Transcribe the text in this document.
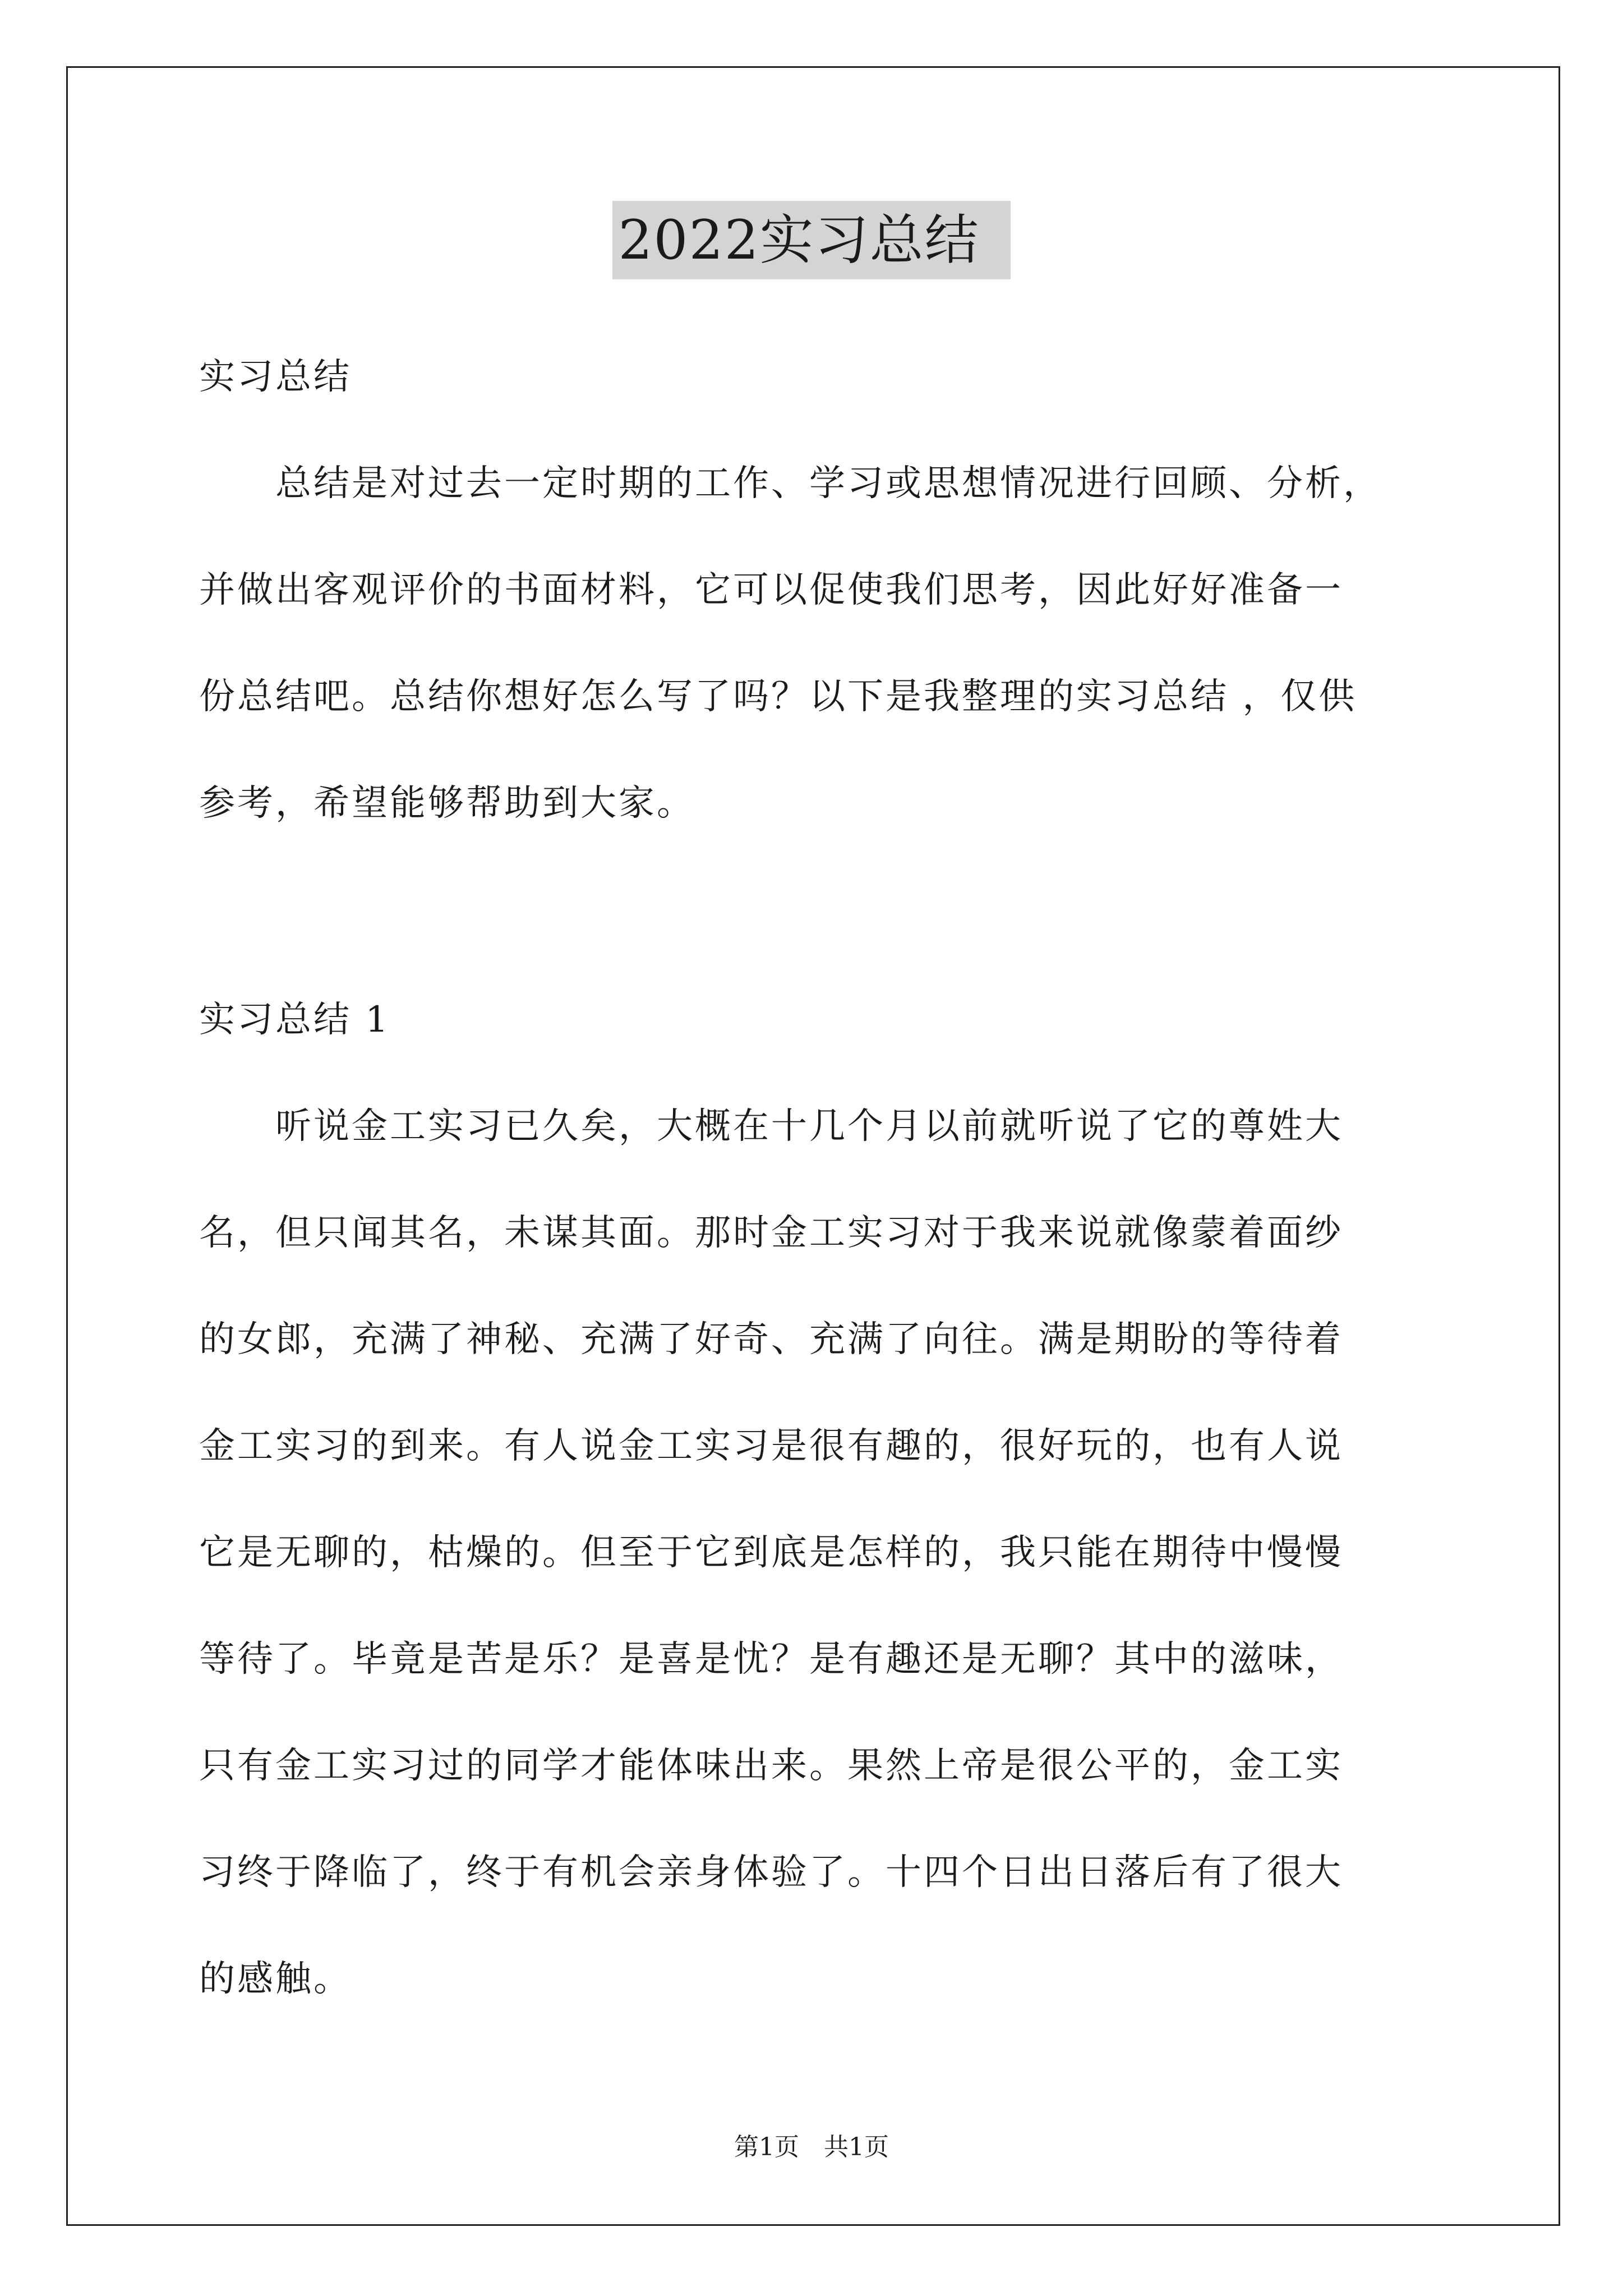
2022实习总结
实习总结
　　总结是对过去一定时期的工作、学习或思想情况进行回顾、分析，
并做出客观评价的书面材料，它可以促使我们思考，因此好好准备一
份总结吧。总结你想好怎么写了吗？以下是我整理的实习总结 ，仅供
参考，希望能够帮助到大家。
实习总结 1
　　听说金工实习已久矣，大概在十几个月以前就听说了它的尊姓大
名，但只闻其名，未谋其面。那时金工实习对于我来说就像蒙着面纱
的女郎，充满了神秘、充满了好奇、充满了向往。满是期盼的等待着
金工实习的到来。有人说金工实习是很有趣的，很好玩的，也有人说
它是无聊的，枯燥的。但至于它到底是怎样的，我只能在期待中慢慢
等待了。毕竟是苦是乐？是喜是忧？是有趣还是无聊？其中的滋味，
只有金工实习过的同学才能体味出来。果然上帝是很公平的，金工实
习终于降临了，终于有机会亲身体验了。十四个日出日落后有了很大
的感触。
第1页　共1页
